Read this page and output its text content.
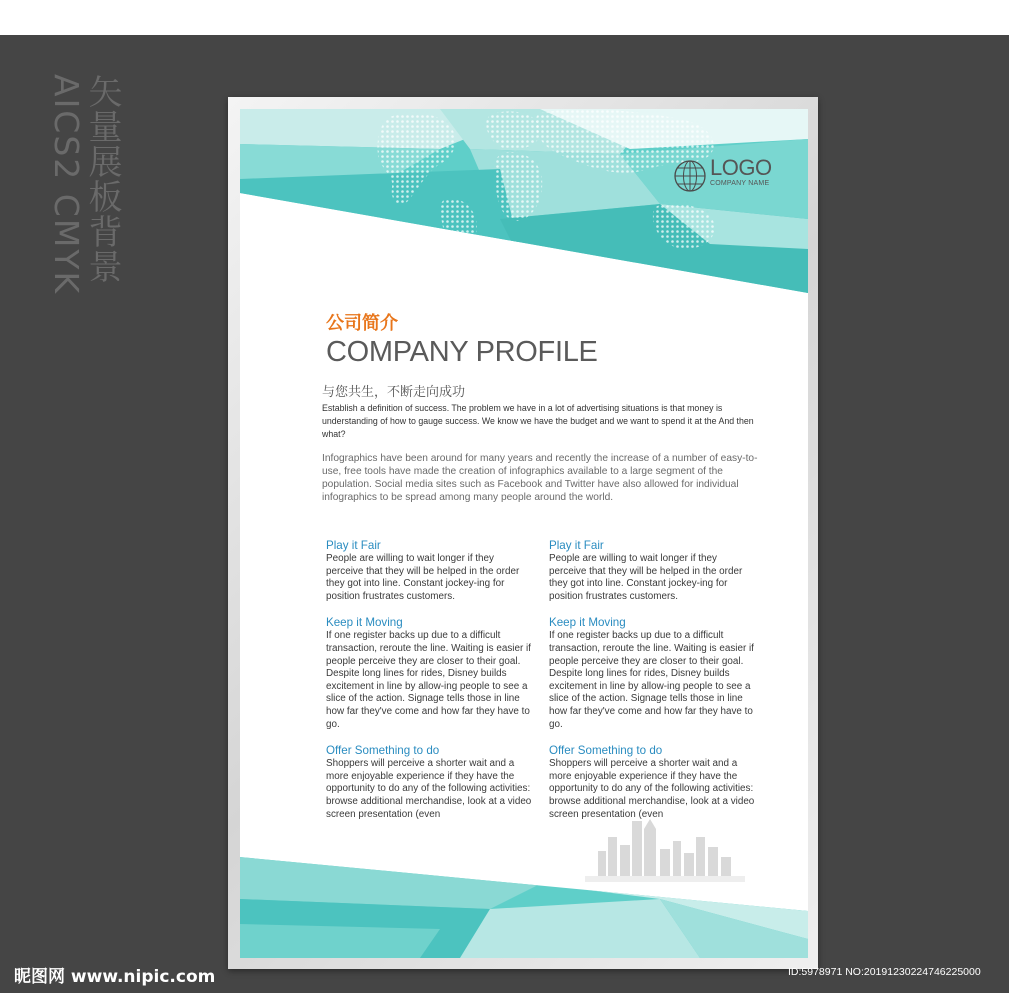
AICS2 CMYK
矢量展板背景	LOGO
COMPANY NAME
公司简介
COMPANY PROFILE
与您共生，不断走向成功
Establish a definition of success. The problem we have in a lot of advertising situations is that money is understanding of how to gauge success. We know we have the budget and we want to spend it at the And then what?
Infographics have been around for many years and recently the increase of a number of easy-to-use, free tools have made the creation of infographics available to a large segment of the population. Social media sites such as Facebook and Twitter have also allowed for individual infographics to be spread among many people around the world.
Play it Fair

People are willing to wait longer if they perceive that they will be helped in the order they got into line. Constant jockey-ing for position frustrates customers.

Keep it Moving

If one register backs up due to a difficult transaction, reroute the line. Waiting is easier if people perceive they are closer to their goal. Despite long lines for rides, Disney builds excitement in line by allow-ing people to see a slice of the action. Signage tells those in line how far they've come and how far they have to go.

Offer Something to do

Shoppers will perceive a shorter wait and a more enjoyable experience if they have the opportunity to do any of the following activities: browse additional merchandise, look at a video screen presentation (even

Play it Fair

People are willing to wait longer if they perceive that they will be helped in the order they got into line. Constant jockey-ing for position frustrates customers.

Keep it Moving

If one register backs up due to a difficult transaction, reroute the line. Waiting is easier if people perceive they are closer to their goal. Despite long lines for rides, Disney builds excitement in line by allow-ing people to see a slice of the action. Signage tells those in line how far they've come and how far they have to go.

Offer Something to do

Shoppers will perceive a shorter wait and a more enjoyable experience if they have the opportunity to do any of the following activities: browse additional merchandise, look at a video screen presentation (even

昵图网 www.nipic.com	ID:5978971 NO:20191230224746225000
